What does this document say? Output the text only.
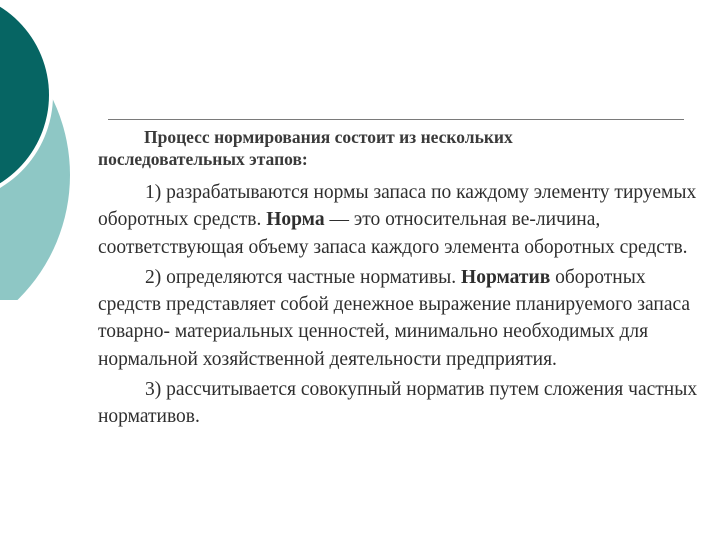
Процесс нормирования состоит из нескольких
последовательных этапов:

1) разрабатываются нормы запаса по каждому элементу тируемых оборотных средств. Норма — это относительная ве-личина, соответствующая объему запаса каждого элемента оборотных средств.

2) определяются частные нормативы. Норматив оборотных средств представляет собой денежное выражение планируемого запаса товарно- материальных ценностей, минимально необходимых для нормальной хозяйственной деятельности предприятия.

3) рассчитывается совокупный норматив путем сложения частных нормативов.
